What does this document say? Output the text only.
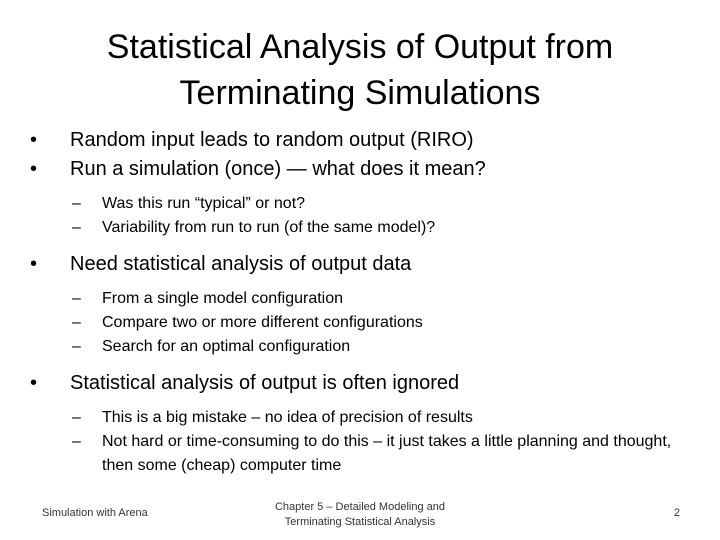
Statistical Analysis of Output from
Terminating Simulations
• Random input leads to random output (RIRO)
• Run a simulation (once) — what does it mean?
– Was this run “typical” or not?
– Variability from run to run (of the same model)?
• Need statistical analysis of output data
– From a single model configuration
– Compare two or more different configurations
– Search for an optimal configuration
• Statistical analysis of output is often ignored
– This is a big mistake – no idea of precision of results
– Not hard or time-consuming to do this – it just takes a little planning and thought, then some (cheap) computer time
Simulation with Arena	Chapter 5 – Detailed Modeling and
Terminating Statistical Analysis
2
